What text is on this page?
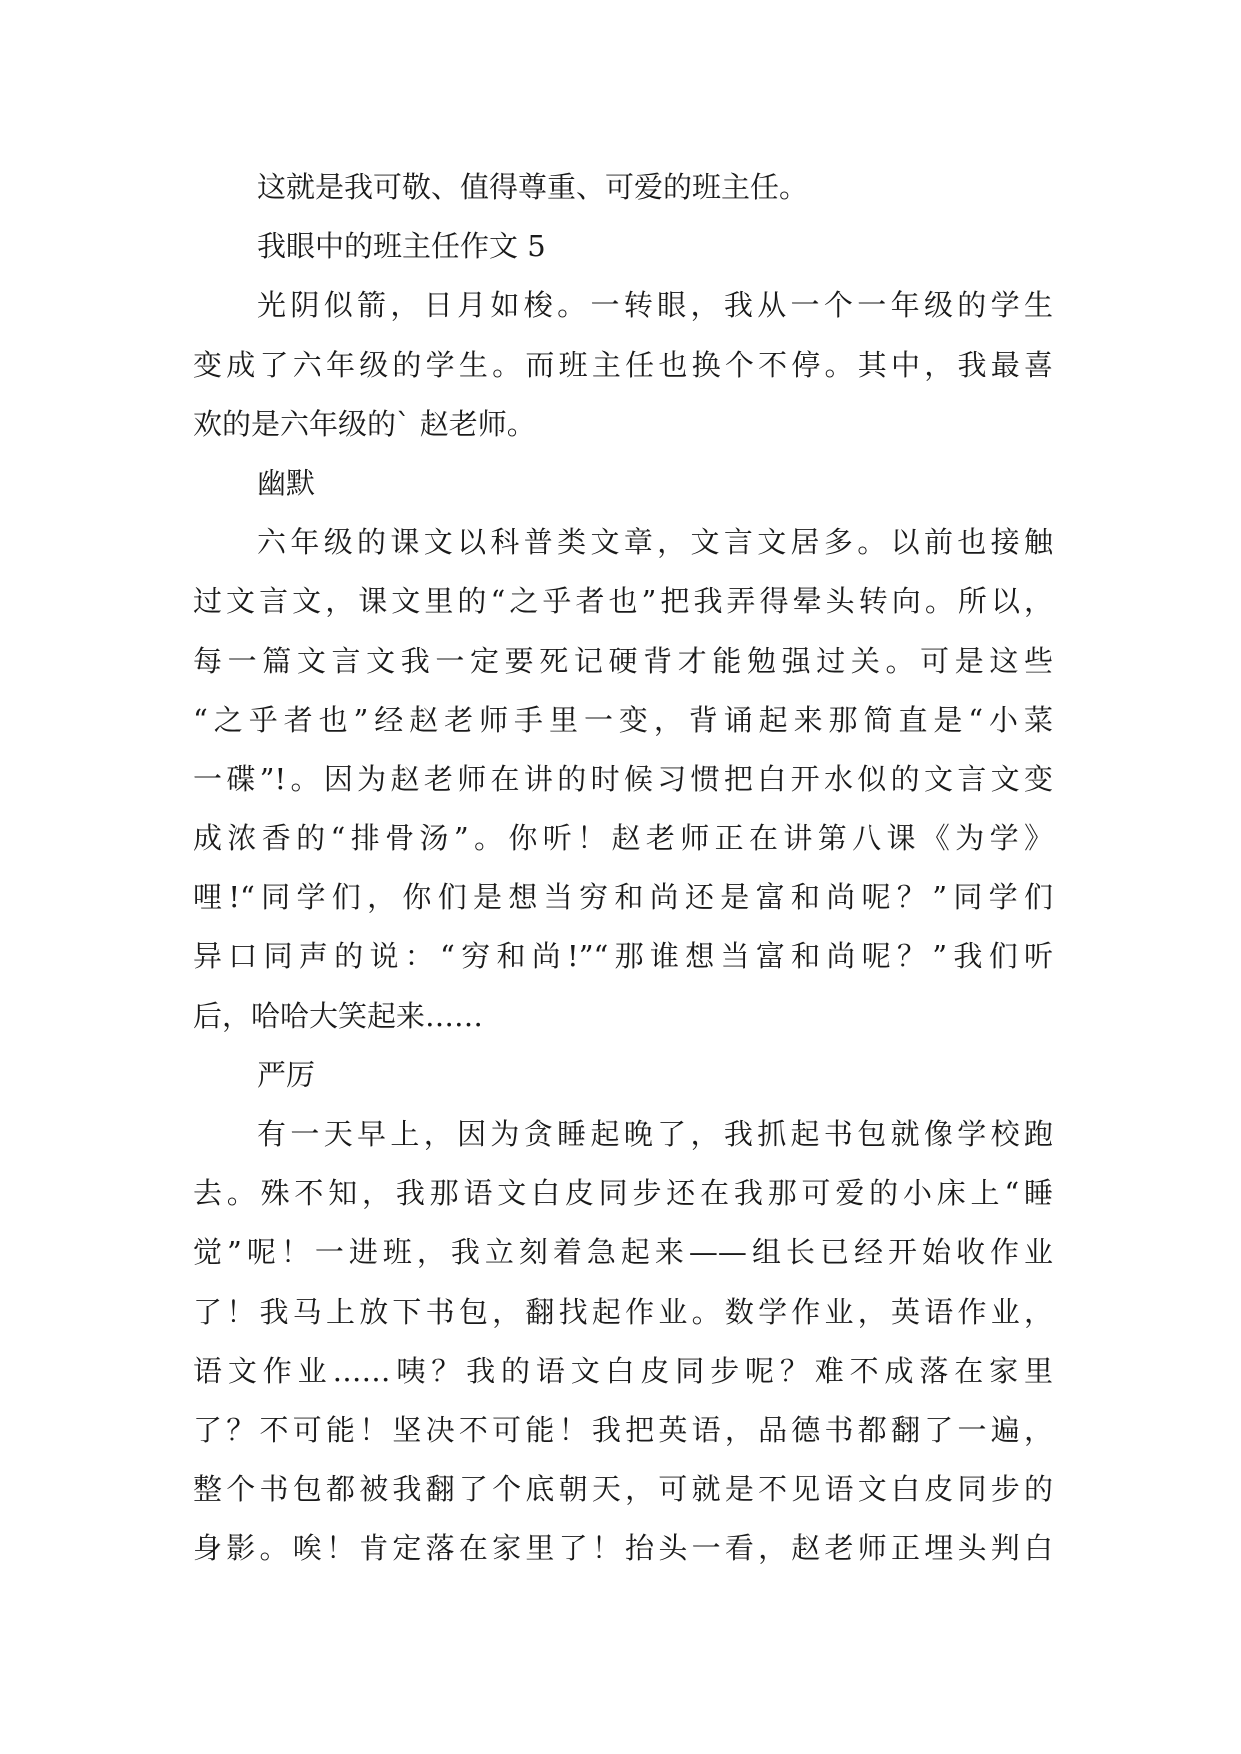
这就是我可敬、值得尊重、可爱的班主任。
我眼中的班主任作文 5
光阴似箭，日月如梭。一转眼，我从一个一年级的学生
变成了六年级的学生。而班主任也换个不停。其中，我最喜
欢的是六年级的` 赵老师。
幽默
六年级的课文以科普类文章，文言文居多。以前也接触
过文言文，课文里的“之乎者也”把我弄得晕头转向。所以，
每一篇文言文我一定要死记硬背才能勉强过关。可是这些
“之乎者也”经赵老师手里一变，背诵起来那简直是“小菜
一碟”!。因为赵老师在讲的时候习惯把白开水似的文言文变
成浓香的“排骨汤”。你听！赵老师正在讲第八课《为学》
哩!“同学们，你们是想当穷和尚还是富和尚呢？”同学们
异口同声的说：“穷和尚!”“那谁想当富和尚呢？”我们听
后，哈哈大笑起来……
严厉
有一天早上，因为贪睡起晚了，我抓起书包就像学校跑
去。殊不知，我那语文白皮同步还在我那可爱的小床上“睡
觉”呢！一进班，我立刻着急起来——组长已经开始收作业
了！我马上放下书包，翻找起作业。数学作业，英语作业，
语文作业……咦？我的语文白皮同步呢？难不成落在家里
了？不可能！坚决不可能！我把英语，品德书都翻了一遍，
整个书包都被我翻了个底朝天，可就是不见语文白皮同步的
身影。唉！肯定落在家里了！抬头一看，赵老师正埋头判白
